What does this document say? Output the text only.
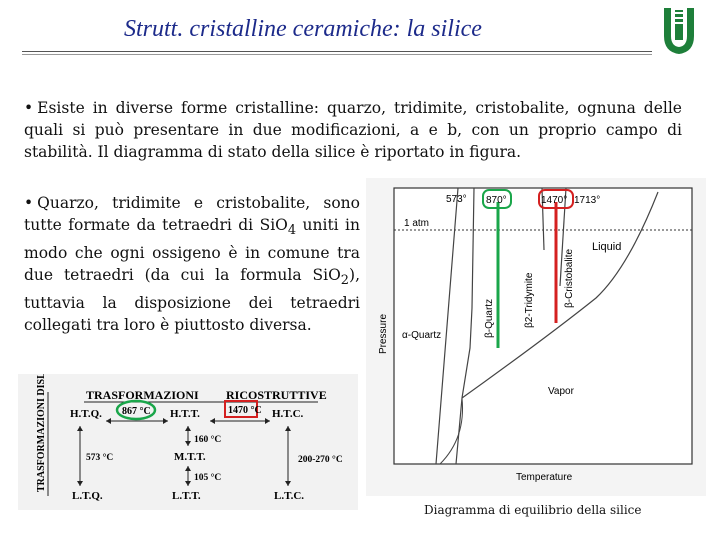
Strutt. cristalline ceramiche: la silice
• Esiste in diverse forme cristalline: quarzo, tridimite, cristobalite, ognuna delle quali si può presentare in due modificazioni, a e b, con un proprio campo di stabilità. Il diagramma di stato della silice è riportato in figura.
• Quarzo, tridimite e cristobalite, sono tutte formate da tetraedri di SiO$_4$ uniti in modo che ogni ossigeno è in comune tra due tetraedri (da cui la formula SiO$_2$), tuttavia la disposizione dei tetraedri collegati tra loro è piuttosto diversa.
TRASFORMAZIONI RICOSTRUTTIVE
TRASFORMAZIONI DISLOCATIVE H.T.Q.	H.T.T.	H.T.C.
867 °C	1470 °C
573 °C
160 °C
M.T.T.
105 °C
200-270 °C
L.T.Q.	L.T.T.	L.T.C.
1 atm
573° 870°	1470° 1713°
Liquid
Vapor
α-Quartz	β-Quartz	β2-Tridymite	β-Cristobalite
Temperature
Pressure
Diagramma di equilibrio della silice
